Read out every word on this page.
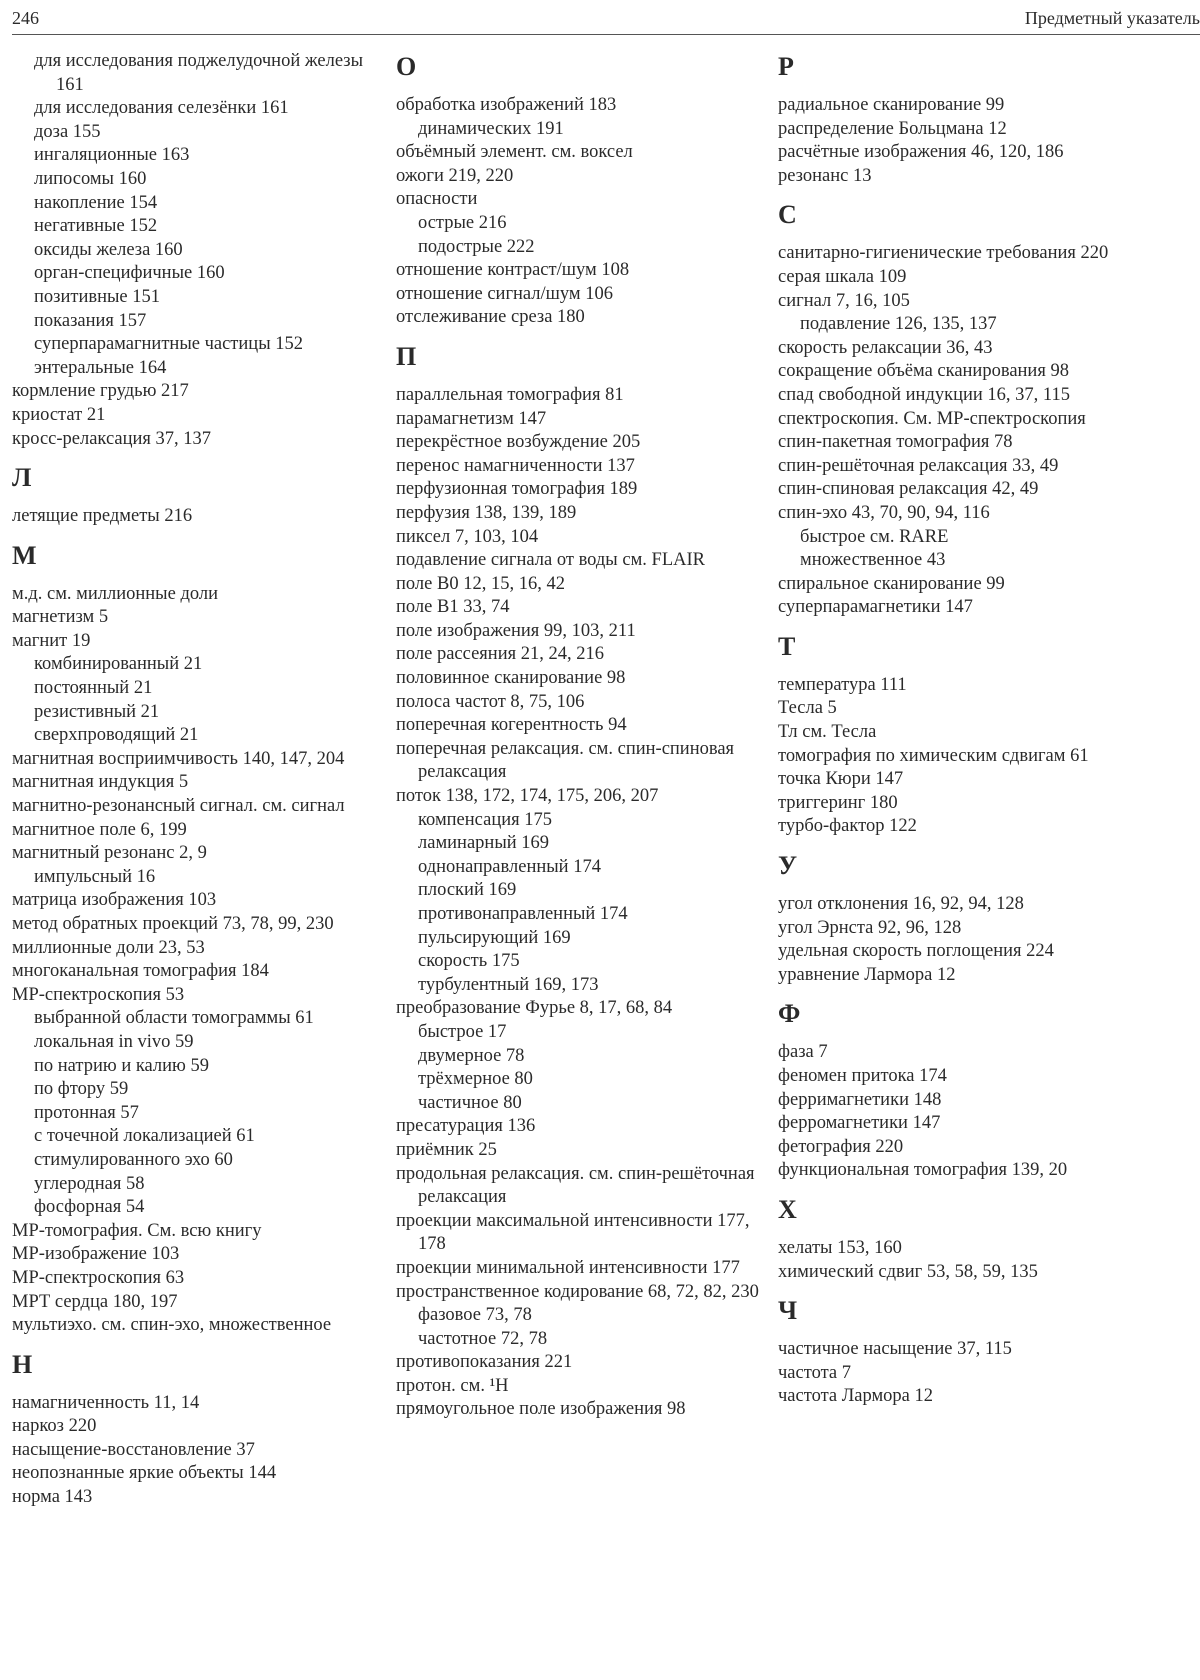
246	Предметный указатель
для исследования поджелудочной железы 161
для исследования селезёнки 161
доза 155
ингаляционные 163
липосомы 160
накопление 154
негативные 152
оксиды железа 160
орган-специфичные 160
позитивные 151
показания 157
суперпарамагнитные частицы 152
энтеральные 164
кормление грудью 217
криостат 21
кросс-релаксация 37, 137
Л
летящие предметы 216
М
м.д. см. миллионные доли
магнетизм 5
магнит 19
комбинированный 21
постоянный 21
резистивный 21
сверхпроводящий 21
магнитная восприимчивость 140, 147, 204
магнитная индукция 5
магнитно-резонансный сигнал. см. сигнал
магнитное поле 6, 199
магнитный резонанс 2, 9
импульсный 16
матрица изображения 103
метод обратных проекций 73, 78, 99, 230
миллионные доли 23, 53
многоканальная томография 184
МР-спектроскопия 53
выбранной области томограммы 61
локальная in vivo 59
по натрию и калию 59
по фтору 59
протонная 57
с точечной локализацией 61
стимулированного эхо 60
углеродная 58
фосфорная 54
МР-томография. См. всю книгу
МР-изображение 103
МР-спектроскопия 63
МРТ сердца 180, 197
мультиэхо. см. спин-эхо, множественное
Н
намагниченность 11, 14
наркоз 220
насыщение-восстановление 37
неопознанные яркие объекты 144
норма 143
О
обработка изображений 183
динамических 191
объёмный элемент. см. воксел
ожоги 219, 220
опасности
острые 216
подострые 222
отношение контраст/шум 108
отношение сигнал/шум 106
отслеживание среза 180
П
параллельная томография 81
парамагнетизм 147
перекрёстное возбуждение 205
перенос намагниченности 137
перфузионная томография 189
перфузия 138, 139, 189
пиксел 7, 103, 104
подавление сигнала от воды см. FLAIR
поле В0 12, 15, 16, 42
поле В1 33, 74
поле изображения 99, 103, 211
поле рассеяния 21, 24, 216
половинное сканирование 98
полоса частот 8, 75, 106
поперечная когерентность 94
поперечная релаксация. см. спин-спиновая релаксация
поток 138, 172, 174, 175, 206, 207
компенсация 175
ламинарный 169
однонаправленный 174
плоский 169
противонаправленный 174
пульсирующий 169
скорость 175
турбулентный 169, 173
преобразование Фурье 8, 17, 68, 84
быстрое 17
двумерное 78
трёхмерное 80
частичное 80
пресатурация 136
приёмник 25
продольная релаксация. см. спин-решёточная релаксация
проекции максимальной интенсивности 177, 178
проекции минимальной интенсивности 177
пространственное кодирование 68, 72, 82, 230
фазовое 73, 78
частотное 72, 78
противопоказания 221
протон. см. ¹Н
прямоугольное поле изображения 98
Р
радиальное сканирование 99
распределение Больцмана 12
расчётные изображения 46, 120, 186
резонанс 13
С
санитарно-гигиенические требования 220
серая шкала 109
сигнал 7, 16, 105
подавление 126, 135, 137
скорость релаксации 36, 43
сокращение объёма сканирования 98
спад свободной индукции 16, 37, 115
спектроскопия. См. МР-спектроскопия
спин-пакетная томография 78
спин-решёточная релаксация 33, 49
спин-спиновая релаксация 42, 49
спин-эхо 43, 70, 90, 94, 116
быстрое см. RARE
множественное 43
спиральное сканирование 99
суперпарамагнетики 147
Т
температура 111
Тесла 5
Тл см. Тесла
томография по химическим сдвигам 61
точка Кюри 147
триггеринг 180
турбо-фактор 122
У
угол отклонения 16, 92, 94, 128
угол Эрнста 92, 96, 128
удельная скорость поглощения 224
уравнение Лармора 12
Ф
фаза 7
феномен притока 174
ферримагнетики 148
ферромагнетики 147
фетография 220
функциональная томография 139, 20
Х
хелаты 153, 160
химический сдвиг 53, 58, 59, 135
Ч
частичное насыщение 37, 115
частота 7
частота Лармора 12
